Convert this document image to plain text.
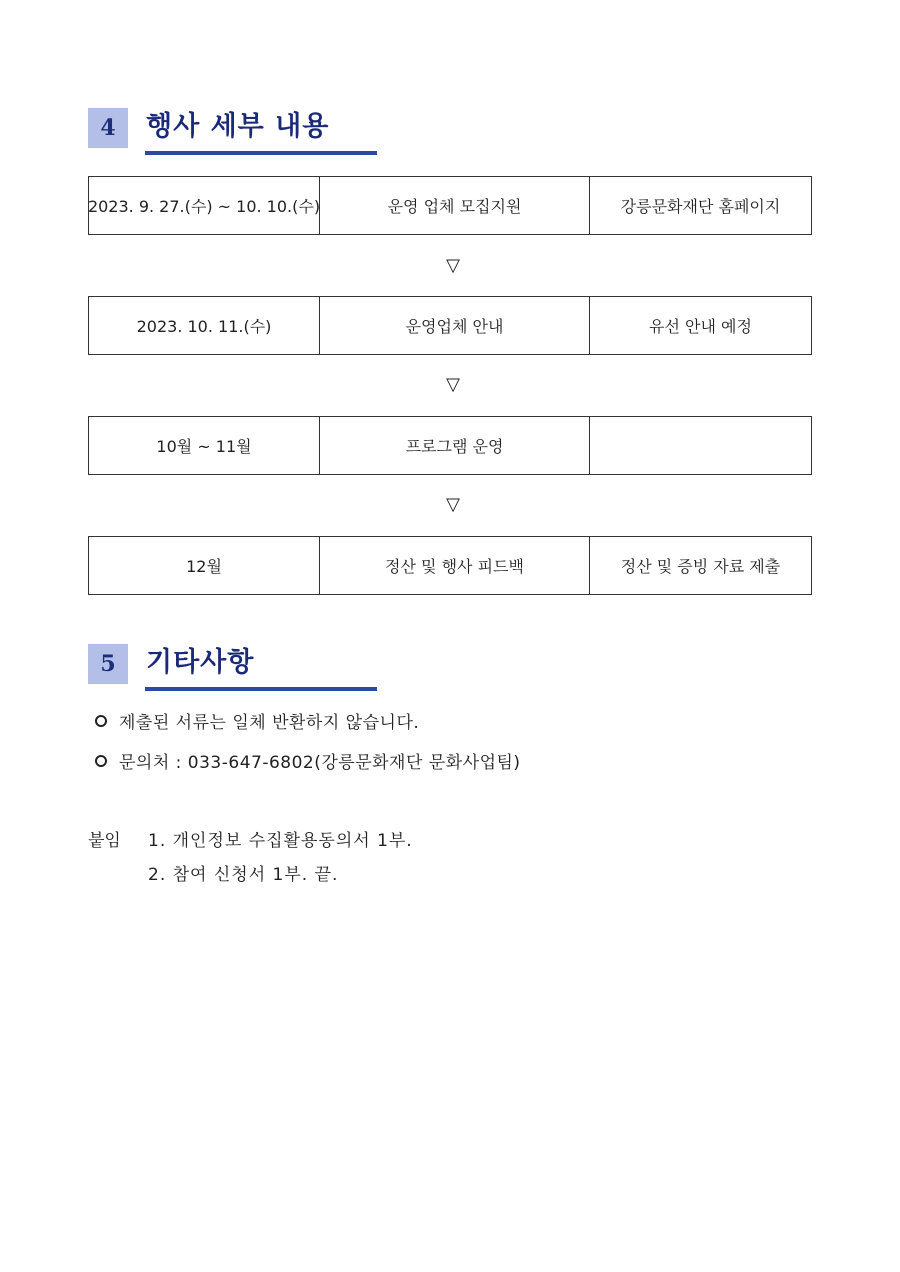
4	행사 세부 내용
2023. 9. 27.(수) ~ 10. 10.(수)	운영 업체 모집지원	강릉문화재단 홈페이지
▽
2023. 10. 11.(수)	운영업체 안내	유선 안내 예정
▽
10월 ~ 11월	프로그램 운영
▽
12월	정산 및 행사 피드백	정산 및 증빙 자료 제출
5	기타사항
제출된 서류는 일체 반환하지 않습니다.
문의처 : 033-647-6802(강릉문화재단 문화사업팀)
붙임 1. 개인정보 수집활용동의서 1부.
2. 참여 신청서 1부. 끝.
